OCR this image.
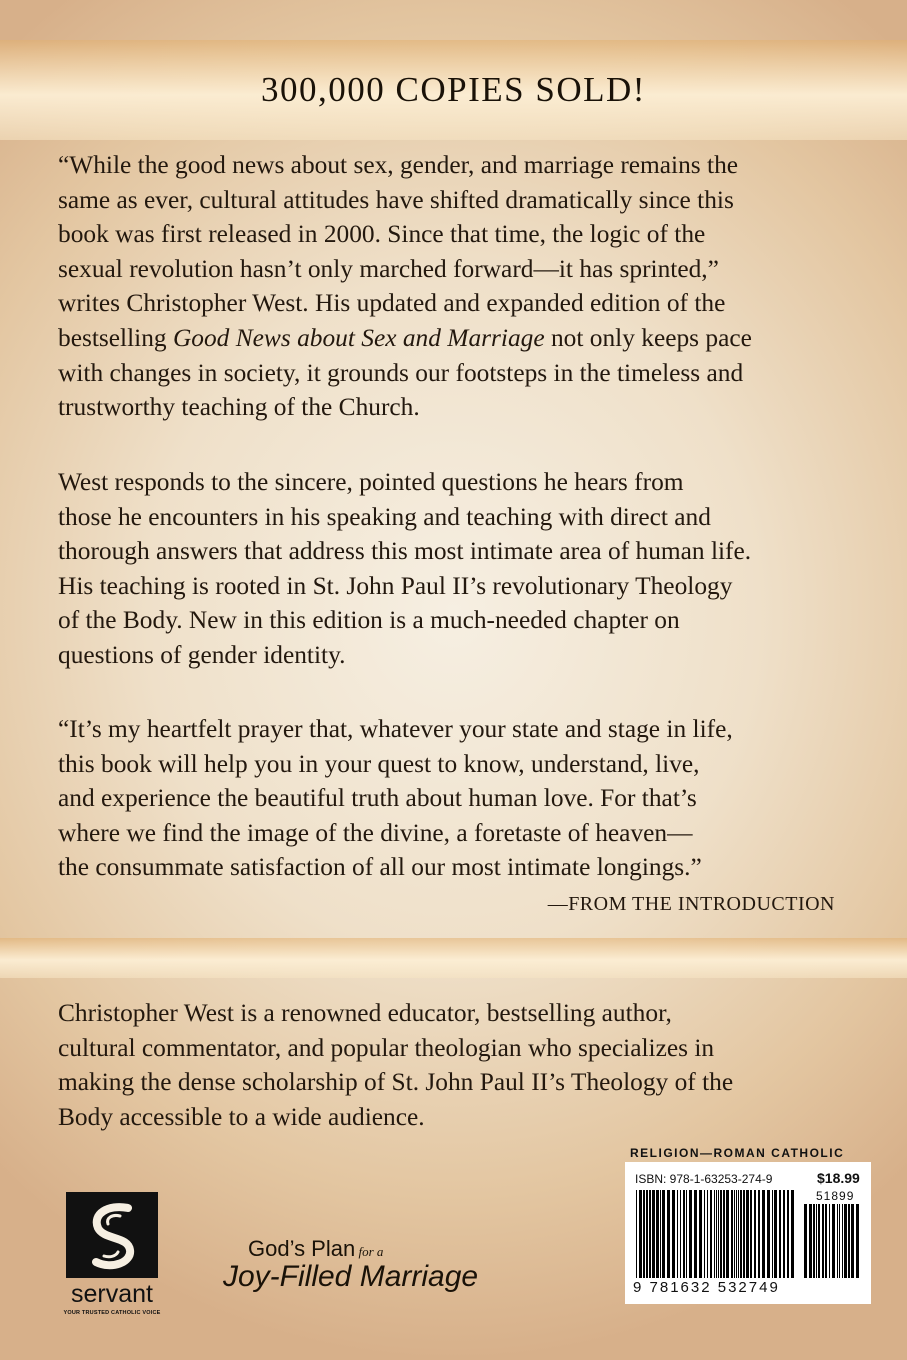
300,000 COPIES SOLD!

“While the good news about sex, gender, and marriage remains the
same as ever, cultural attitudes have shifted dramatically since this
book was first released in 2000. Since that time, the logic of the
sexual revolution hasn’t only marched forward—it has sprinted,”
writes Christopher West. His updated and expanded edition of the
bestselling Good News about Sex and Marriage not only keeps pace
with changes in society, it grounds our footsteps in the timeless and
trustworthy teaching of the Church.

West responds to the sincere, pointed questions he hears from
those he encounters in his speaking and teaching with direct and
thorough answers that address this most intimate area of human life.
His teaching is rooted in St. John Paul II’s revolutionary Theology
of the Body. New in this edition is a much-needed chapter on
questions of gender identity.

“It’s my heartfelt prayer that, whatever your state and stage in life,
this book will help you in your quest to know, understand, live,
and experience the beautiful truth about human love. For that’s
where we find the image of the divine, a foretaste of heaven—
the consummate satisfaction of all our most intimate longings.”

—FROM THE INTRODUCTION

Christopher West is a renowned educator, bestselling author,
cultural commentator, and popular theologian who specializes in
making the dense scholarship of St. John Paul II’s Theology of the
Body accessible to a wide audience.

RELIGION—ROMAN CATHOLIC
ISBN: 978-1-63253-274-9	$18.99
51899
9 781632 532749
servant
YOUR TRUSTED CATHOLIC VOICE
God’s Plan for a
Joy-Filled Marriage
